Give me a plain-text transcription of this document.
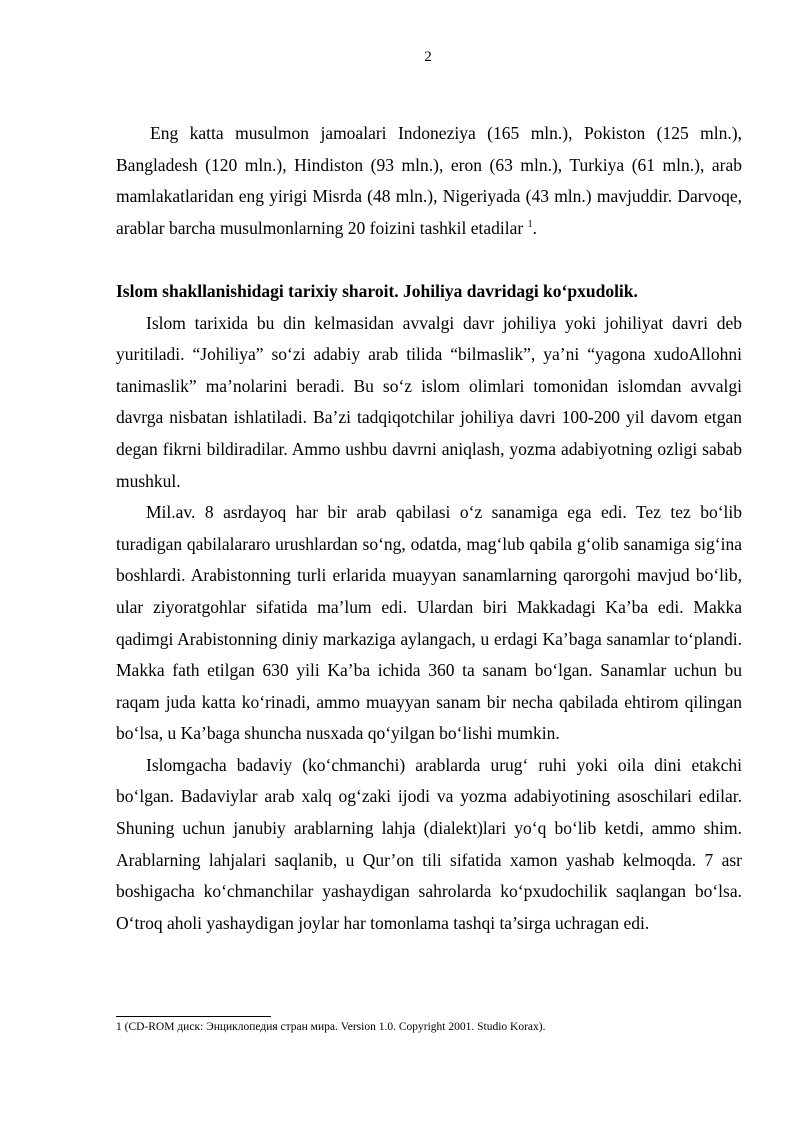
2

Eng katta musulmon jamoalari Indoneziya (165 mln.), Pokiston (125 mln.), Bangladesh (120 mln.), Hindiston (93 mln.), eron (63 mln.), Turkiya (61 mln.), arab mamlakatlaridan eng yirigi Misrda (48 mln.), Nigeriyada (43 mln.) mavjuddir. Darvoqe, arablar barcha musulmonlarning 20 foizini tashkil etadilar $^1$.

Islom shakllanishidagi tarixiy sharoit. Johiliya davridagi ko‘pxudolik.

Islom tarixida bu din kelmasidan avvalgi davr johiliya yoki johiliyat davri deb yuritiladi. “Johiliya” so‘zi adabiy arab tilida “bilmaslik”, ya’ni “yagona xudoAllohni tanimaslik” ma’nolarini beradi. Bu so‘z islom olimlari tomonidan islomdan avvalgi davrga nisbatan ishlatiladi. Ba’zi tadqiqotchilar johiliya davri 100-200 yil davom etgan degan fikrni bildiradilar. Ammo ushbu davrni aniqlash, yozma adabiyotning ozligi sabab mushkul.

Mil.av. 8 asrdayoq har bir arab qabilasi o‘z sanamiga ega edi. Tez tez bo‘lib turadigan qabilalararo urushlardan so‘ng, odatda, mag‘lub qabila g‘olib sanamiga sig‘ina boshlardi. Arabistonning turli erlarida muayyan sanamlarning qarorgohi mavjud bo‘lib, ular ziyoratgohlar sifatida ma’lum edi. Ulardan biri Makkadagi Ka’ba edi. Makka qadimgi Arabistonning diniy markaziga aylangach, u erdagi Ka’baga sanamlar to‘plandi. Makka fath etilgan 630 yili Ka’ba ichida 360 ta sanam bo‘lgan. Sanamlar uchun bu raqam juda katta ko‘rinadi, ammo muayyan sanam bir necha qabilada ehtirom qilingan bo‘lsa, u Ka’baga shuncha nusxada qo‘yilgan bo‘lishi mumkin.

Islomgacha badaviy (ko‘chmanchi) arablarda urug‘ ruhi yoki oila dini etakchi bo‘lgan. Badaviylar arab xalq og‘zaki ijodi va yozma adabiyotining asoschilari edilar. Shuning uchun janubiy arablarning lahja (dialekt)lari yo‘q bo‘lib ketdi, ammo shim. Arablarning lahjalari saqlanib, u Qur’on tili sifatida xamon yashab kelmoqda. 7 asr boshigacha ko‘chmanchilar yashaydigan sahrolarda ko‘pxudochilik saqlangan bo‘lsa. O‘troq aholi yashaydigan joylar har tomonlama tashqi ta’sirga uchragan edi.

1 (CD-ROM диск: Энциклопедия стран мира. Version 1.0. Copyright 2001. Studio Korax).
